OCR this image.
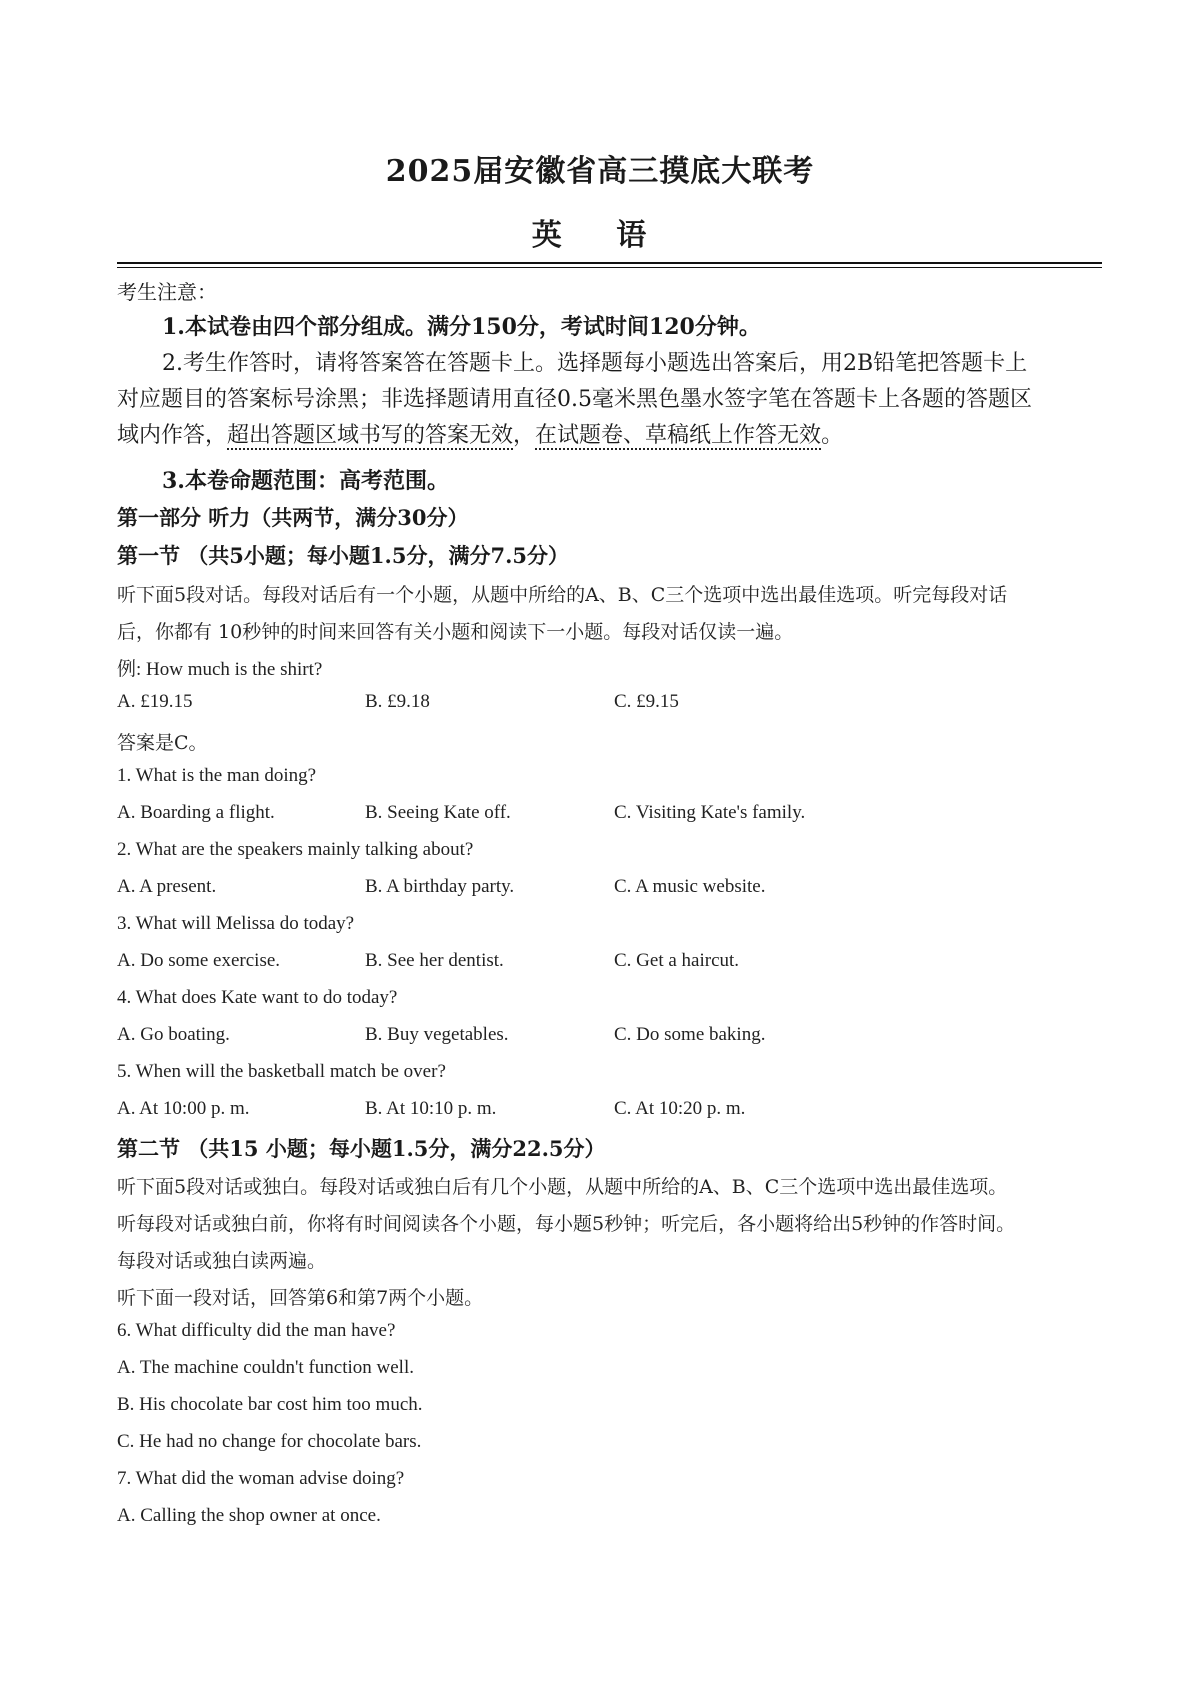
2025届安徽省高三摸底大联考
英 语
考生注意：
1.本试卷由四个部分组成。满分150分，考试时间120分钟。
2.考生作答时，请将答案答在答题卡上。选择题每小题选出答案后，用2B铅笔把答题卡上
对应题目的答案标号涂黑；非选择题请用直径0.5毫米黑色墨水签字笔在答题卡上各题的答题区
域内作答，超出答题区域书写的答案无效，在试题卷、草稿纸上作答无效。
3.本卷命题范围：高考范围。
第一部分 听力（共两节，满分30分）
第一节 （共5小题；每小题1.5分，满分7.5分）
听下面5段对话。每段对话后有一个小题，从题中所给的A、B、C三个选项中选出最佳选项。听完每段对话
后，你都有 10秒钟的时间来回答有关小题和阅读下一小题。每段对话仅读一遍。
例: How much is the shirt?
A. £19.15	B. £9.18	C. £9.15
答案是C。
1. What is the man doing?
A. Boarding a flight.	B. Seeing Kate off.	C. Visiting Kate's family.
2. What are the speakers mainly talking about?
A. A present.	B. A birthday party.	C. A music website.
3. What will Melissa do today?
A. Do some exercise.	B. See her dentist.	C. Get a haircut.
4. What does Kate want to do today?
A. Go boating.	B. Buy vegetables.	C. Do some baking.
5. When will the basketball match be over?
A. At 10:00 p. m.	B. At 10:10 p. m.	C. At 10:20 p. m.
第二节 （共15 小题；每小题1.5分，满分22.5分）
听下面5段对话或独白。每段对话或独白后有几个小题，从题中所给的A、B、C三个选项中选出最佳选项。
听每段对话或独白前，你将有时间阅读各个小题，每小题5秒钟；听完后，各小题将给出5秒钟的作答时间。
每段对话或独白读两遍。
听下面一段对话，回答第6和第7两个小题。
6. What difficulty did the man have?
A. The machine couldn't function well.
B. His chocolate bar cost him too much.
C. He had no change for chocolate bars.
7. What did the woman advise doing?
A. Calling the shop owner at once.
